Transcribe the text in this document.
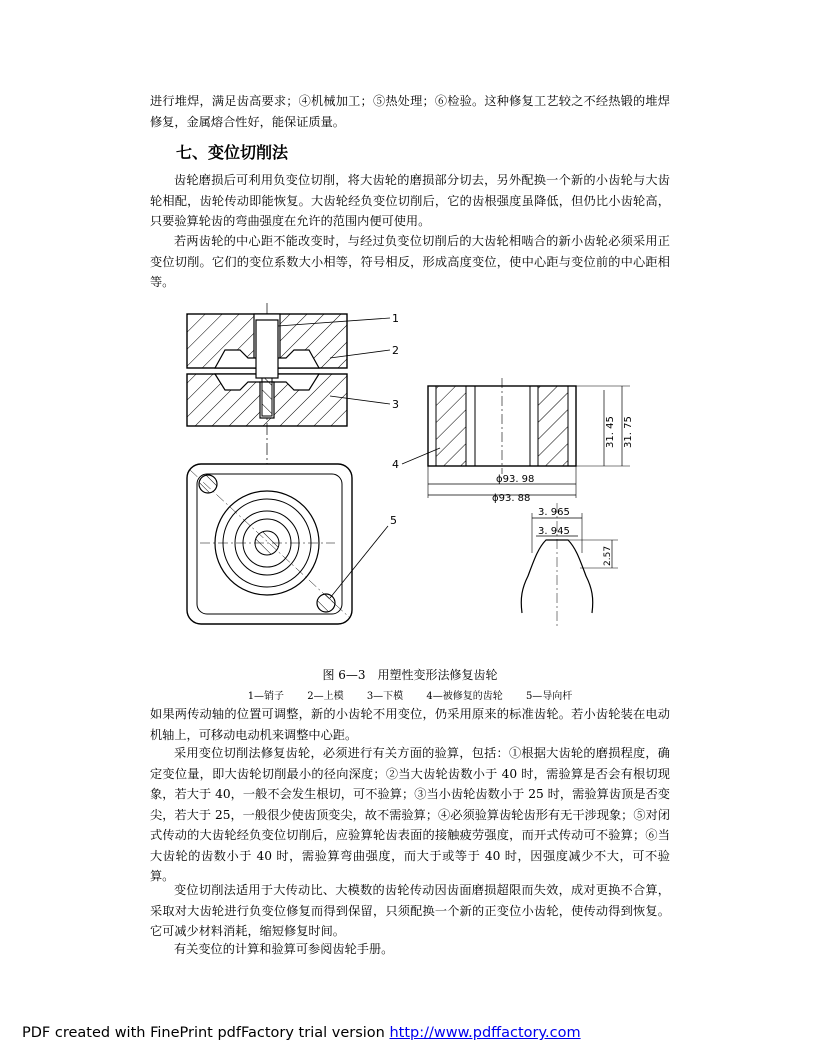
进行堆焊，满足齿高要求；④机械加工；⑤热处理；⑥检验。这种修复工艺较之不经热锻的堆焊修复，金属熔合性好，能保证质量。

七、变位切削法

齿轮磨损后可利用负变位切削，将大齿轮的磨损部分切去，另外配换一个新的小齿轮与大齿轮相配，齿轮传动即能恢复。大齿轮经负变位切削后，它的齿根强度虽降低，但仍比小齿轮高，只要验算轮齿的弯曲强度在允许的范围内便可使用。

若两齿轮的中心距不能改变时，与经过负变位切削后的大齿轮相啮合的新小齿轮必须采用正变位切削。它们的变位系数大小相等，符号相反，形成高度变位，使中心距与变位前的中心距相等。

1
2
3
5
4
31. 45 31. 75
ϕ93. 98
ϕ93. 88
3. 965
3. 945
2.57

图 6—3　用塑性变形法修复齿轮

1—销子 2—上模 3—下模 4—被修复的齿轮 5—导向杆

如果两传动轴的位置可调整，新的小齿轮不用变位，仍采用原来的标准齿轮。若小齿轮装在电动机轴上，可移动电动机来调整中心距。

采用变位切削法修复齿轮，必须进行有关方面的验算，包括：①根据大齿轮的磨损程度，确定变位量，即大齿轮切削最小的径向深度；②当大齿轮齿数小于 40 时，需验算是否会有根切现象，若大于 40，一般不会发生根切，可不验算；③当小齿轮齿数小于 25 时，需验算齿顶是否变尖，若大于 25，一般很少使齿顶变尖，故不需验算；④必须验算齿轮齿形有无干涉现象；⑤对闭式传动的大齿轮经负变位切削后，应验算轮齿表面的接触疲劳强度，而开式传动可不验算；⑥当大齿轮的齿数小于 40 时，需验算弯曲强度，而大于或等于 40 时，因强度减少不大，可不验算。

变位切削法适用于大传动比、大模数的齿轮传动因齿面磨损超限而失效，成对更换不合算，采取对大齿轮进行负变位修复而得到保留，只须配换一个新的正变位小齿轮，使传动得到恢复。它可减少材料消耗，缩短修复时间。

有关变位的计算和验算可参阅齿轮手册。

PDF created with FinePrint pdfFactory trial version http://www.pdffactory.com
